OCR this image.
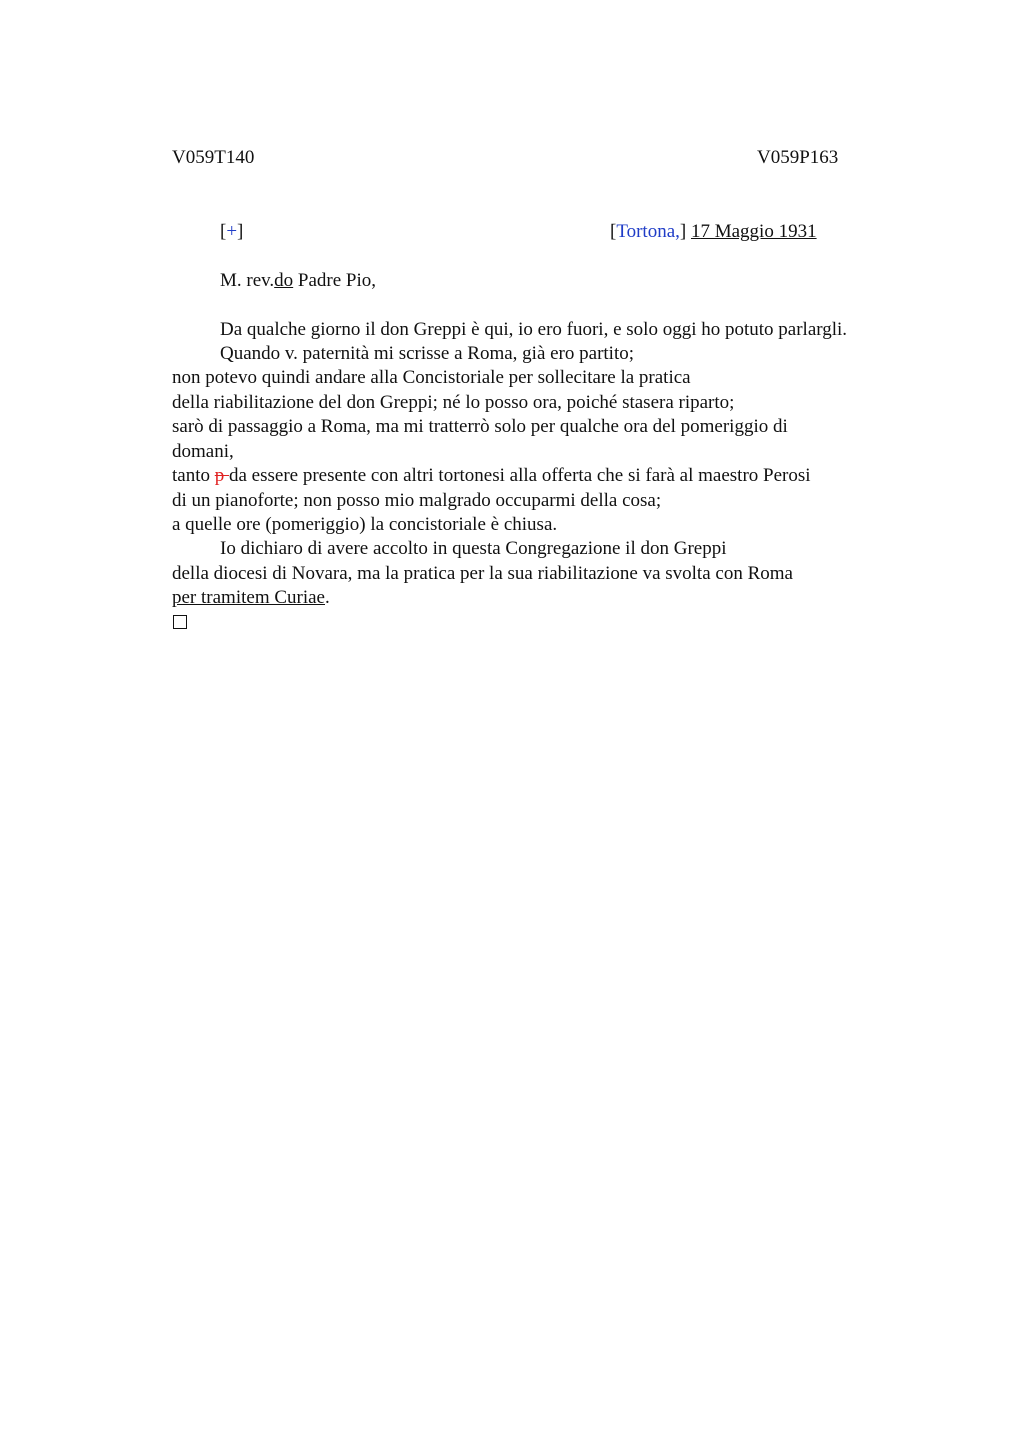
V059T140	V059P163
[+]	[Tortona,] 17 Maggio 1931
M. rev.do Padre Pio,
Da qualche giorno il don Greppi è qui, io ero fuori, e solo oggi ho potuto parlargli.
Quando v. paternità mi scrisse a Roma, già ero partito;
non potevo quindi andare alla Concistoriale per sollecitare la pratica
della riabilitazione del don Greppi; né lo posso ora, poiché stasera riparto;
sarò di passaggio a Roma, ma mi tratterrò solo per qualche ora del pomeriggio di
domani,
tanto p da essere presente con altri tortonesi alla offerta che si farà al maestro Perosi
di un pianoforte; non posso mio malgrado occuparmi della cosa;
a quelle ore (pomeriggio) la concistoriale è chiusa.
Io dichiaro di avere accolto in questa Congregazione il don Greppi
della diocesi di Novara, ma la pratica per la sua riabilitazione va svolta con Roma
per tramitem Curiae.
